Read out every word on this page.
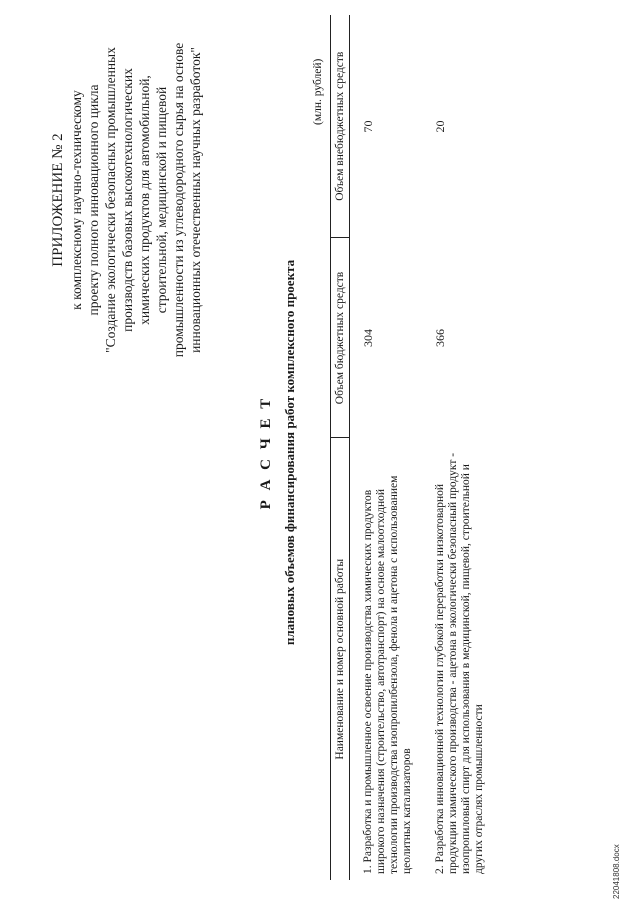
ПРИЛОЖЕНИЕ № 2 к комплексному научно-техническому проекту полного инновационного цикла "Создание экологически безопасных промышленных производств базовых высокотехнологических химических продуктов для автомобильной, строительной, медицинской и пищевой промышленности из углеводородного сырья на основе инновационных отечественных научных разработок"
Р А С Ч Е Т плановых объемов финансирования работ комплексного проекта
(млн. рублей)
Наименование и номер основной работы	Объем бюджетных средств	Объем внебюджетных средств
1. Разработка и промышленное освоение производства химических продуктов широкого назначения (строительство, автотранспорт) на основе малоотходной технологии производства изопропилбензола, фенола и ацетона с использованием цеолитных катализаторов	304	70
2. Разработка инновационной технологии глубокой переработки низкотоварной продукции химического производства - ацетона в экологически безопасный продукт - изопропиловый спирт для использования в медицинской, пищевой, строительной и других отраслях промышленности	366	20
22041808.docx
